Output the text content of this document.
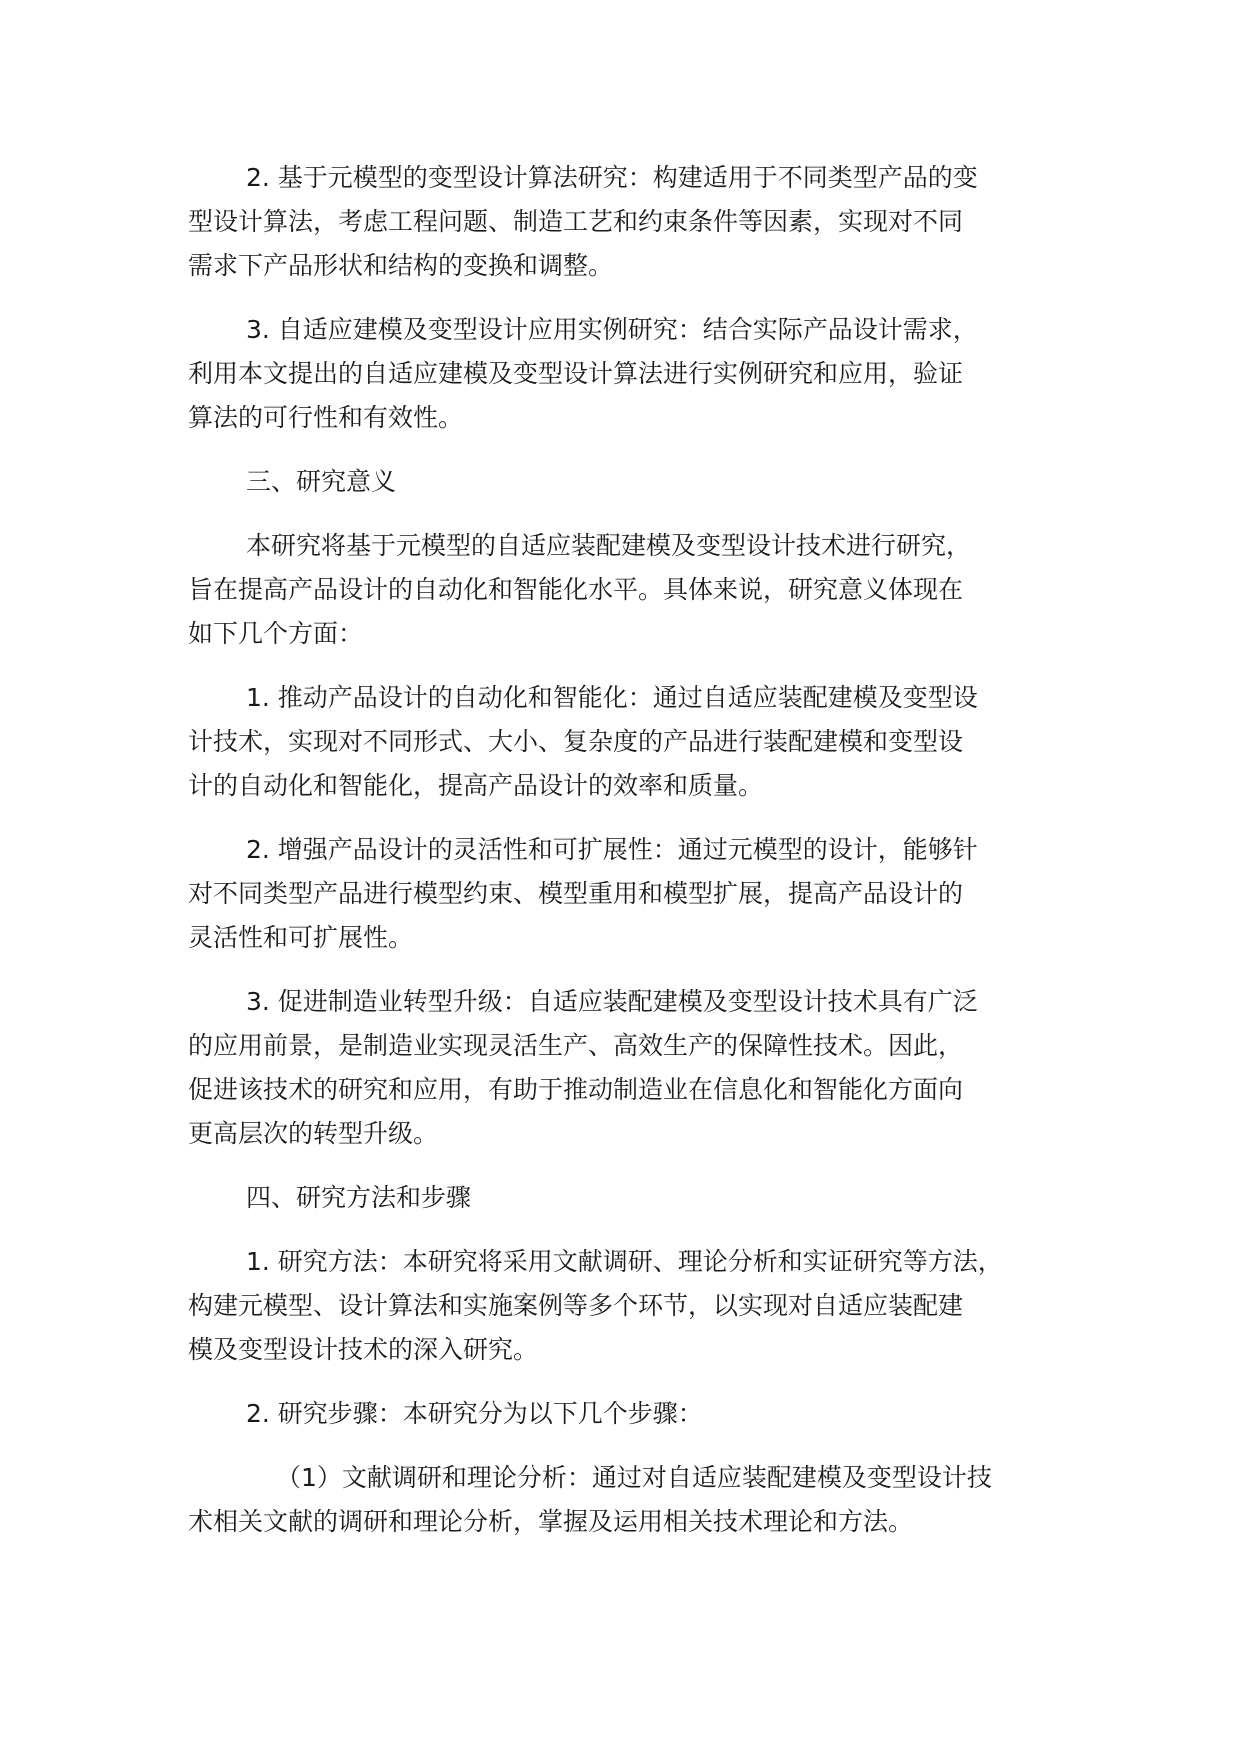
2. 基于元模型的变型设计算法研究：构建适用于不同类型产品的变
型设计算法，考虑工程问题、制造工艺和约束条件等因素，实现对不同
需求下产品形状和结构的变换和调整。

3. 自适应建模及变型设计应用实例研究：结合实际产品设计需求，
利用本文提出的自适应建模及变型设计算法进行实例研究和应用，验证
算法的可行性和有效性。

三、研究意义

本研究将基于元模型的自适应装配建模及变型设计技术进行研究，
旨在提高产品设计的自动化和智能化水平。具体来说，研究意义体现在
如下几个方面：

1. 推动产品设计的自动化和智能化：通过自适应装配建模及变型设
计技术，实现对不同形式、大小、复杂度的产品进行装配建模和变型设
计的自动化和智能化，提高产品设计的效率和质量。

2. 增强产品设计的灵活性和可扩展性：通过元模型的设计，能够针
对不同类型产品进行模型约束、模型重用和模型扩展，提高产品设计的
灵活性和可扩展性。

3. 促进制造业转型升级：自适应装配建模及变型设计技术具有广泛
的应用前景，是制造业实现灵活生产、高效生产的保障性技术。因此，
促进该技术的研究和应用，有助于推动制造业在信息化和智能化方面向
更高层次的转型升级。

四、研究方法和步骤

1. 研究方法：本研究将采用文献调研、理论分析和实证研究等方法，
构建元模型、设计算法和实施案例等多个环节，以实现对自适应装配建
模及变型设计技术的深入研究。

2. 研究步骤：本研究分为以下几个步骤：

（1）文献调研和理论分析：通过对自适应装配建模及变型设计技
术相关文献的调研和理论分析，掌握及运用相关技术理论和方法。
